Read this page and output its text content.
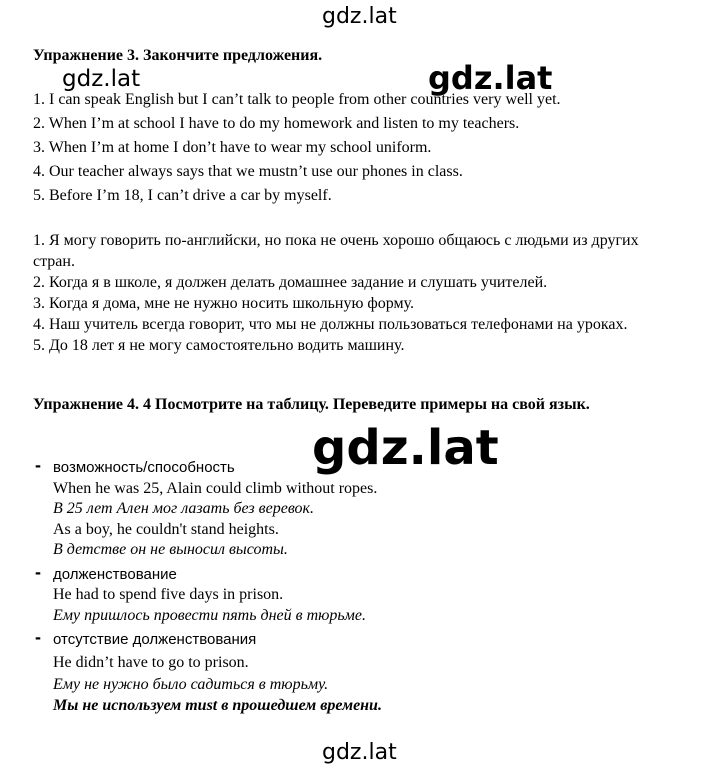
gdz.lat
gdz.lat	gdz.lat
gdz.lat
gdz.lat
Упражнение 3. Закончите предложения.
1. I can speak English but I can’t talk to people from other countries very well yet.
2. When I’m at school I have to do my homework and listen to my teachers.
3. When I’m at home I don’t have to wear my school uniform.
4. Our teacher always says that we mustn’t use our phones in class.
5. Before I’m 18, I can’t drive a car by myself.

1. Я могу говорить по-английски, но пока не очень хорошо общаюсь с людьми из других стран.

2. Когда я в школе, я должен делать домашнее задание и слушать учителей.

3. Когда я дома, мне не нужно носить школьную форму.

4. Наш учитель всегда говорит, что мы не должны пользоваться телефонами на уроках.

5. До 18 лет я не могу самостоятельно водить машину.

Упражнение 4. 4 Посмотрите на таблицу. Переведите примеры на свой язык.
- возможность/способность
When he was 25, Alain could climb without ropes.
В 25 лет Ален мог лазать без веревок.
As a boy, he couldn't stand heights.
В детстве он не выносил высоты.
- долженствование
He had to spend five days in prison.
Ему пришлось провести пять дней в тюрьме.
- отсутствие долженствования
He didn’t have to go to prison.
Ему не нужно было садиться в тюрьму.
Мы не используем must в прошедшем времени.
